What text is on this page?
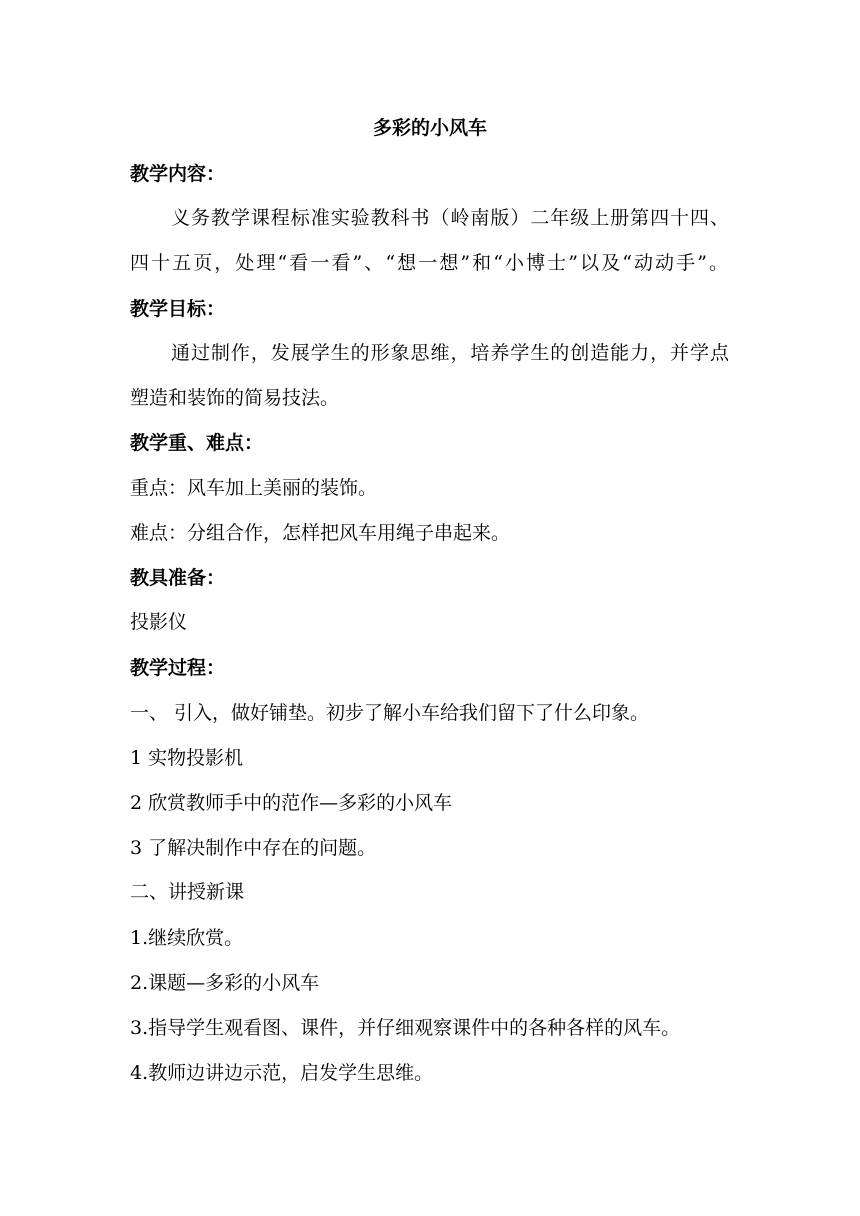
多彩的小风车
教学内容：
义务教学课程标准实验教科书（岭南版）二年级上册第四十四、
四十五页，处理“看一看”、“想一想”和“小博士”以及“动动手”。
教学目标：
通过制作，发展学生的形象思维，培养学生的创造能力，并学点
塑造和装饰的简易技法。
教学重、难点：
重点：风车加上美丽的装饰。
难点：分组合作，怎样把风车用绳子串起来。
教具准备：
投影仪
教学过程：
一、 引入，做好铺垫。初步了解小车给我们留下了什么印象。
1 实物投影机
2 欣赏教师手中的范作—多彩的小风车
3 了解决制作中存在的问题。
二、讲授新课
1.继续欣赏。
2.课题—多彩的小风车
3.指导学生观看图、课件，并仔细观察课件中的各种各样的风车。
4.教师边讲边示范，启发学生思维。
